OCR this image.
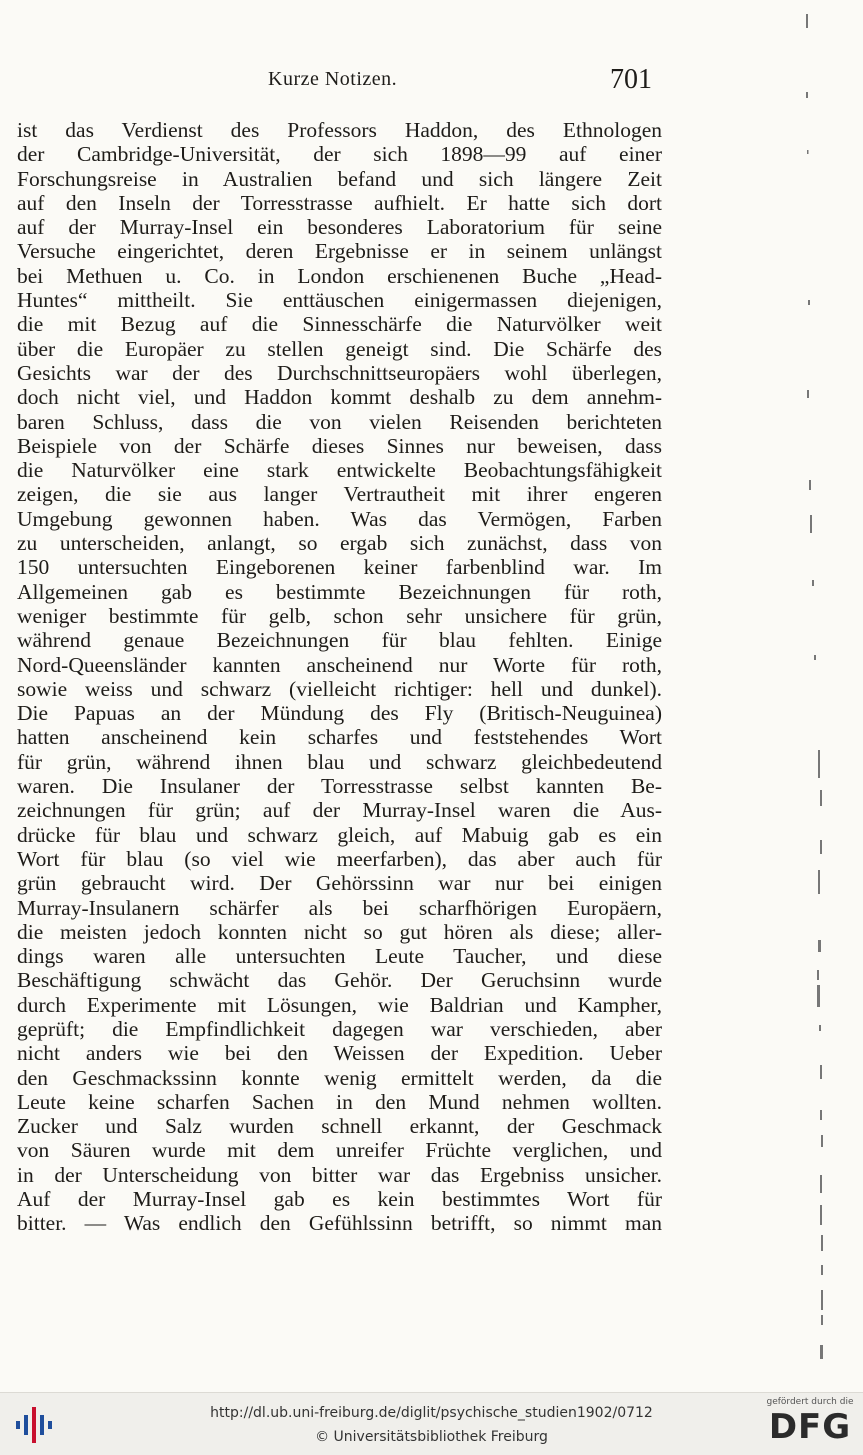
Kurze Notizen.	701
ist das Verdienst des Professors Haddon, des Ethnologen
der Cambridge-Universität, der sich 1898—99 auf einer
Forschungsreise in Australien befand und sich längere Zeit
auf den Inseln der Torresstrasse aufhielt. Er hatte sich dort
auf der Murray-Insel ein besonderes Laboratorium für seine
Versuche eingerichtet, deren Ergebnisse er in seinem unlängst
bei Methuen u. Co. in London erschienenen Buche „Head-
Huntes“ mittheilt. Sie enttäuschen einigermassen diejenigen,
die mit Bezug auf die Sinnesschärfe die Naturvölker weit
über die Europäer zu stellen geneigt sind. Die Schärfe des
Gesichts war der des Durchschnittseuropäers wohl überlegen,
doch nicht viel, und Haddon kommt deshalb zu dem annehm-
baren Schluss, dass die von vielen Reisenden berichteten
Beispiele von der Schärfe dieses Sinnes nur beweisen, dass
die Naturvölker eine stark entwickelte Beobachtungsfähigkeit
zeigen, die sie aus langer Vertrautheit mit ihrer engeren
Umgebung gewonnen haben. Was das Vermögen, Farben
zu unterscheiden, anlangt, so ergab sich zunächst, dass von
150 untersuchten Eingeborenen keiner farbenblind war. Im
Allgemeinen gab es bestimmte Bezeichnungen für roth,
weniger bestimmte für gelb, schon sehr unsichere für grün,
während genaue Bezeichnungen für blau fehlten. Einige
Nord-Queensländer kannten anscheinend nur Worte für roth,
sowie weiss und schwarz (vielleicht richtiger: hell und dunkel).
Die Papuas an der Mündung des Fly (Britisch-Neuguinea)
hatten anscheinend kein scharfes und feststehendes Wort
für grün, während ihnen blau und schwarz gleichbedeutend
waren. Die Insulaner der Torresstrasse selbst kannten Be-
zeichnungen für grün; auf der Murray-Insel waren die Aus-
drücke für blau und schwarz gleich, auf Mabuig gab es ein
Wort für blau (so viel wie meerfarben), das aber auch für
grün gebraucht wird. Der Gehörssinn war nur bei einigen
Murray-Insulanern schärfer als bei scharfhörigen Europäern,
die meisten jedoch konnten nicht so gut hören als diese; aller-
dings waren alle untersuchten Leute Taucher, und diese
Beschäftigung schwächt das Gehör. Der Geruchsinn wurde
durch Experimente mit Lösungen, wie Baldrian und Kampher,
geprüft; die Empfindlichkeit dagegen war verschieden, aber
nicht anders wie bei den Weissen der Expedition. Ueber
den Geschmackssinn konnte wenig ermittelt werden, da die
Leute keine scharfen Sachen in den Mund nehmen wollten.
Zucker und Salz wurden schnell erkannt, der Geschmack
von Säuren wurde mit dem unreifer Früchte verglichen, und
in der Unterscheidung von bitter war das Ergebniss unsicher.
Auf der Murray-Insel gab es kein bestimmtes Wort für
bitter. — Was endlich den Gefühlssinn betrifft, so nimmt man
http://dl.ub.uni-freiburg.de/diglit/psychische_studien1902/0712
© Universitätsbibliothek Freiburg
gefördert durch die
DFG
